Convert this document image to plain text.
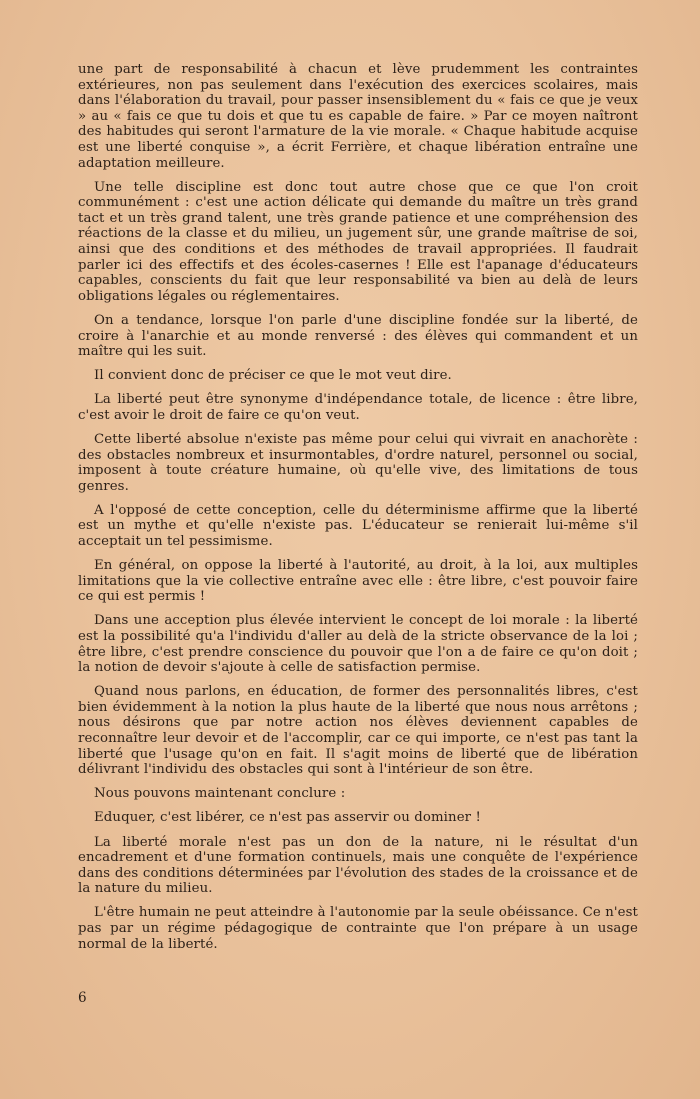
une part de responsabilité à chacun et lève prudemment les contraintes extérieures, non pas seulement dans l'exécution des exercices scolaires, mais dans l'élaboration du travail, pour passer insensiblement du « fais ce que je veux » au « fais ce que tu dois et que tu es capable de faire. » Par ce moyen naîtront des habitudes qui seront l'armature de la vie morale. « Chaque habitude acquise est une liberté conquise », a écrit Ferrière, et chaque libération entraîne une adaptation meilleure.

Une telle discipline est donc tout autre chose que ce que l'on croit communément : c'est une action délicate qui demande du maître un très grand tact et un très grand talent, une très grande patience et une compréhension des réactions de la classe et du milieu, un jugement sûr, une grande maîtrise de soi, ainsi que des conditions et des méthodes de travail appropriées. Il faudrait parler ici des effectifs et des écoles-casernes ! Elle est l'apanage d'éducateurs capables, conscients du fait que leur responsabilité va bien au delà de leurs obligations légales ou réglementaires.

On a tendance, lorsque l'on parle d'une discipline fondée sur la liberté, de croire à l'anarchie et au monde renversé : des élèves qui commandent et un maître qui les suit.

Il convient donc de préciser ce que le mot veut dire.

La liberté peut être synonyme d'indépendance totale, de licence : être libre, c'est avoir le droit de faire ce qu'on veut.

Cette liberté absolue n'existe pas même pour celui qui vivrait en anachorète : des obstacles nombreux et insurmontables, d'ordre naturel, personnel ou social, imposent à toute créature humaine, où qu'elle vive, des limitations de tous genres.

A l'opposé de cette conception, celle du déterminisme affirme que la liberté est un mythe et qu'elle n'existe pas. L'éducateur se renierait lui-même s'il acceptait un tel pessimisme.

En général, on oppose la liberté à l'autorité, au droit, à la loi, aux multiples limitations que la vie collective entraîne avec elle : être libre, c'est pouvoir faire ce qui est permis !

Dans une acception plus élevée intervient le concept de loi morale : la liberté est la possibilité qu'a l'individu d'aller au delà de la stricte observance de la loi ; être libre, c'est prendre conscience du pouvoir que l'on a de faire ce qu'on doit ; la notion de devoir s'ajoute à celle de satisfaction permise.

Quand nous parlons, en éducation, de former des personnalités libres, c'est bien évidemment à la notion la plus haute de la liberté que nous nous arrêtons ; nous désirons que par notre action nos élèves deviennent capables de reconnaître leur devoir et de l'accomplir, car ce qui importe, ce n'est pas tant la liberté que l'usage qu'on en fait. Il s'agit moins de liberté que de libération délivrant l'individu des obstacles qui sont à l'intérieur de son être.

Nous pouvons maintenant conclure :

Eduquer, c'est libérer, ce n'est pas asservir ou dominer !

La liberté morale n'est pas un don de la nature, ni le résultat d'un encadrement et d'une formation continuels, mais une conquête de l'expérience dans des conditions déterminées par l'évolution des stades de la croissance et de la nature du milieu.

L'être humain ne peut atteindre à l'autonomie par la seule obéissance. Ce n'est pas par un régime pédagogique de contrainte que l'on prépare à un usage normal de la liberté.

6
